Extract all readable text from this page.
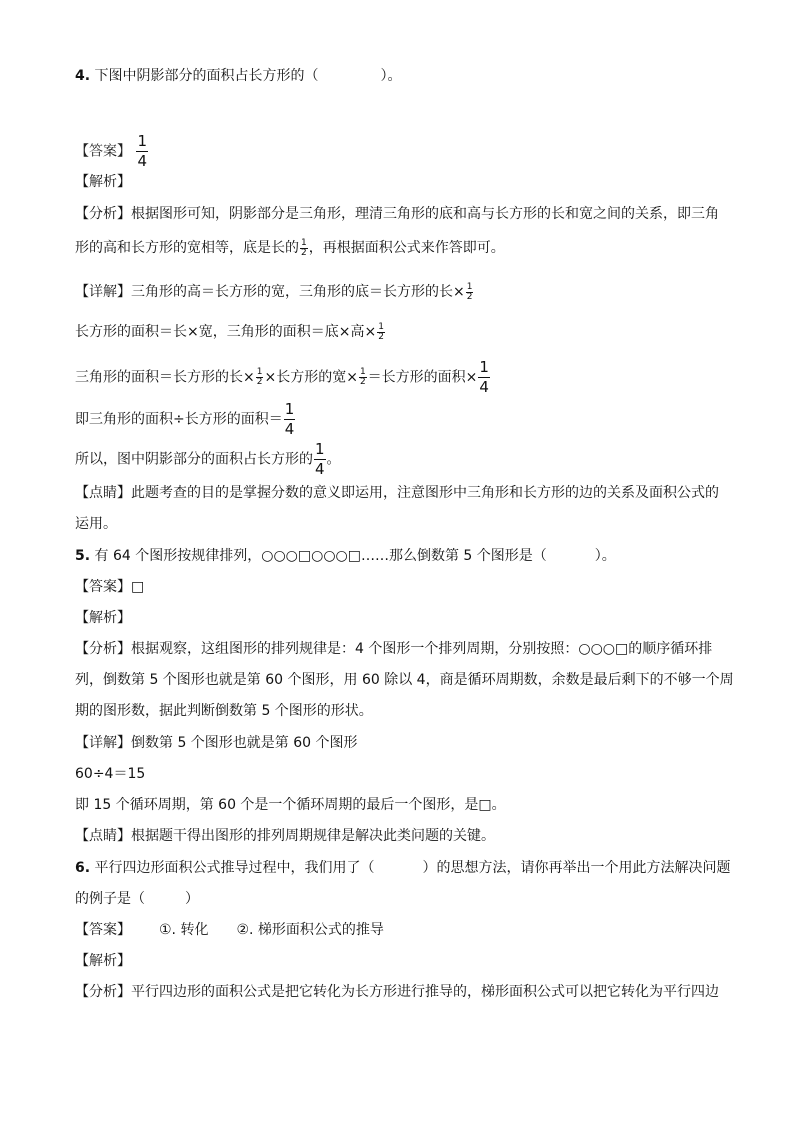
4. 下图中阴影部分的面积占长方形的（	）。
【答案】 $\frac{1}{4}$
【解析】
【分析】根据图形可知，阴影部分是三角形，理清三角形的底和高与长方形的长和宽之间的关系，即三角
形的高和长方形的宽相等，底是长的 $\frac{1}{2}$ ，再根据面积公式来作答即可。
【详解】三角形的高＝长方形的宽，三角形的底＝长方形的长× $\frac{1}{2}$
长方形的面积＝长×宽，三角形的面积＝底×高× $\frac{1}{2}$
三角形的面积＝长方形的长× $\frac{1}{2}$ ×长方形的宽× $\frac{1}{2}$ ＝长方形的面积× $\frac{1}{4}$
即三角形的面积÷长方形的面积＝ $\frac{1}{4}$
所以，图中阴影部分的面积占长方形的 $\frac{1}{4}$ 。
【点睛】此题考查的目的是掌握分数的意义即运用，注意图形中三角形和长方形的边的关系及面积公式的
运用。
5. 有 64 个图形按规律排列，○○○□○○○□……那么倒数第 5 个图形是（	）。
【答案】□
【解析】
【分析】根据观察，这组图形的排列规律是：4 个图形一个排列周期，分别按照：○○○□的顺序循环排
列，倒数第 5 个图形也就是第 60 个图形，用 60 除以 4，商是循环周期数，余数是最后剩下的不够一个周
期的图形数，据此判断倒数第 5 个图形的形状。
【详解】倒数第 5 个图形也就是第 60 个图形
60÷4＝15
即 15 个循环周期，第 60 个是一个循环周期的最后一个图形，是□。
【点睛】根据题干得出图形的排列周期规律是解决此类问题的关键。
6. 平行四边形面积公式推导过程中，我们用了（	）的思想方法，请你再举出一个用此方法解决问题
的例子是（	）
【答案】 ①. 转化 ②. 梯形面积公式的推导
【解析】
【分析】平行四边形的面积公式是把它转化为长方形进行推导的，梯形面积公式可以把它转化为平行四边
